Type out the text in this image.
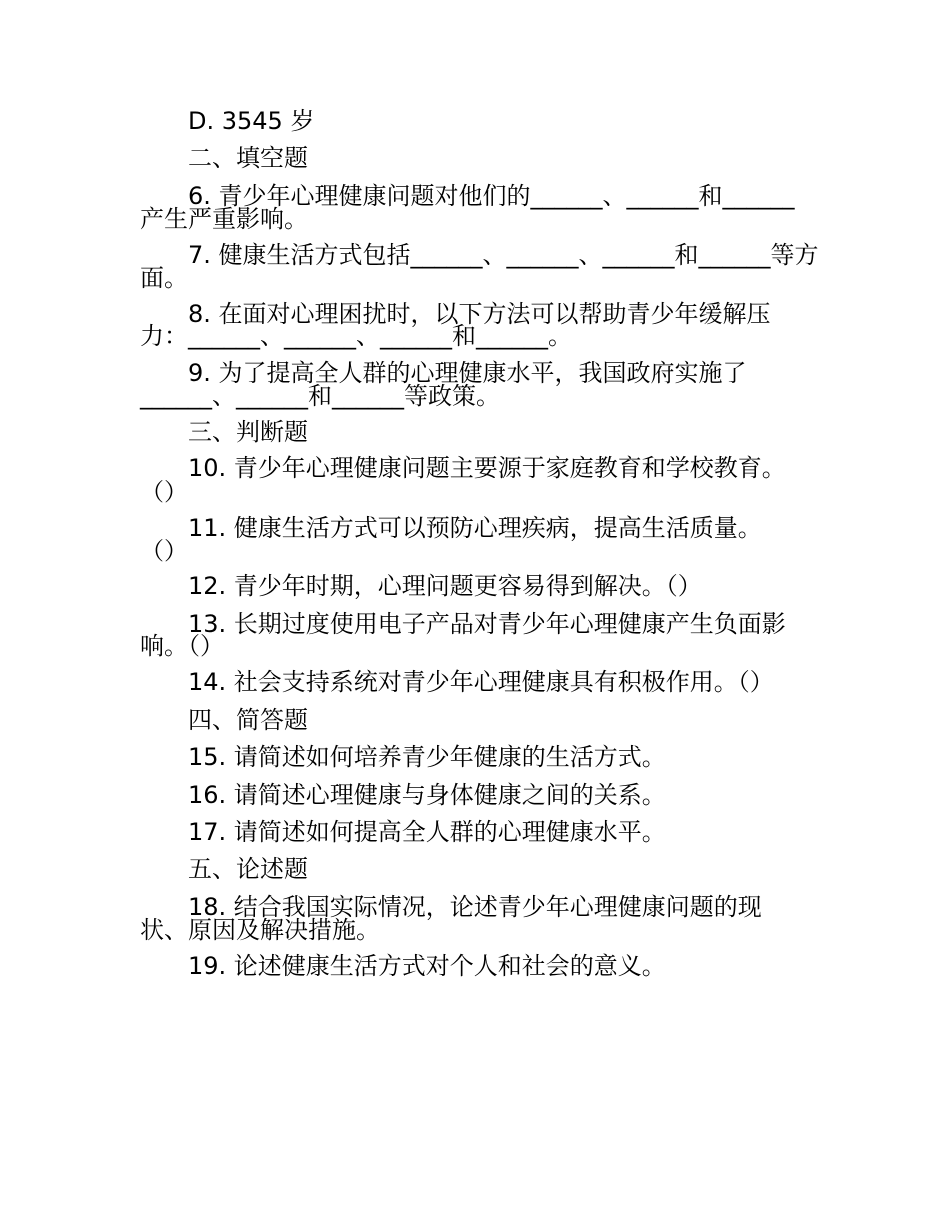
D. 3545 岁
二、填空题
6. 青少年心理健康问题对他们的______、______和______
产生严重影响。
7. 健康生活方式包括______、______、______和______等方
面。
8. 在面对心理困扰时，以下方法可以帮助青少年缓解压
力：______、______、______和______。
9. 为了提高全人群的心理健康水平，我国政府实施了
______、______和______等政策。
三、判断题
10. 青少年心理健康问题主要源于家庭教育和学校教育。
（）
11. 健康生活方式可以预防心理疾病，提高生活质量。
（）
12. 青少年时期，心理问题更容易得到解决。（）
13. 长期过度使用电子产品对青少年心理健康产生负面影
响。（）
14. 社会支持系统对青少年心理健康具有积极作用。（）
四、简答题
15. 请简述如何培养青少年健康的生活方式。
16. 请简述心理健康与身体健康之间的关系。
17. 请简述如何提高全人群的心理健康水平。
五、论述题
18. 结合我国实际情况，论述青少年心理健康问题的现
状、原因及解决措施。
19. 论述健康生活方式对个人和社会的意义。
